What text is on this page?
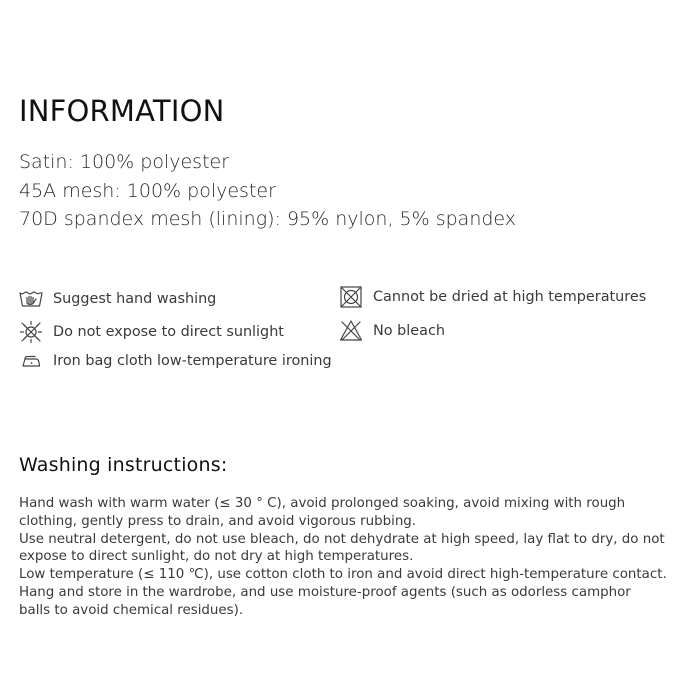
INFORMATION
Satin: 100% polyester
45A mesh: 100% polyester
70D spandex mesh (lining): 95% nylon, 5% spandex
Suggest hand washing
Do not expose to direct sunlight
Iron bag cloth low-temperature ironing
Cannot be dried at high temperatures
No bleach
Washing instructions:
Hand wash with warm water (≤ 30 ° C), avoid prolonged soaking, avoid mixing with rough
clothing, gently press to drain, and avoid vigorous rubbing.
Use neutral detergent, do not use bleach, do not dehydrate at high speed, lay flat to dry, do not
expose to direct sunlight, do not dry at high temperatures.
Low temperature (≤ 110 ℃), use cotton cloth to iron and avoid direct high-temperature contact.
Hang and store in the wardrobe, and use moisture-proof agents (such as odorless camphor
balls to avoid chemical residues).
